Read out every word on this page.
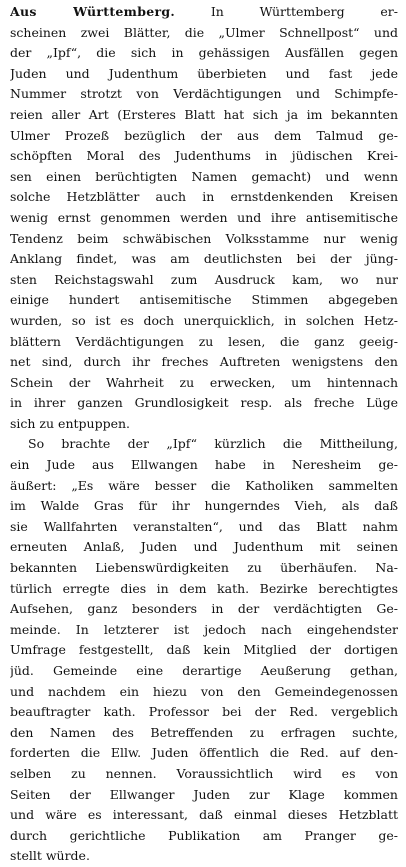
Aus Württemberg. In Württemberg er-
scheinen zwei Blätter, die „Ulmer Schnellpost“ und
der „Ipf“, die sich in gehässigen Ausfällen gegen
Juden und Judenthum überbieten und fast jede
Nummer strotzt von Verdächtigungen und Schimpfe-
reien aller Art (Ersteres Blatt hat sich ja im bekannten
Ulmer Prozeß bezüglich der aus dem Talmud ge-
schöpften Moral des Judenthums in jüdischen Krei-
sen einen berüchtigten Namen gemacht) und wenn
solche Hetzblätter auch in ernstdenkenden Kreisen
wenig ernst genommen werden und ihre antisemitische
Tendenz beim schwäbischen Volksstamme nur wenig
Anklang findet, was am deutlichsten bei der jüng-
sten Reichstagswahl zum Ausdruck kam, wo nur
einige hundert antisemitische Stimmen abgegeben
wurden, so ist es doch unerquicklich, in solchen Hetz-
blättern Verdächtigungen zu lesen, die ganz geeig-
net sind, durch ihr freches Auftreten wenigstens den
Schein der Wahrheit zu erwecken, um hintennach
in ihrer ganzen Grundlosigkeit resp. als freche Lüge
sich zu entpuppen.
So brachte der „Ipf“ kürzlich die Mittheilung,
ein Jude aus Ellwangen habe in Neresheim ge-
äußert: „Es wäre besser die Katholiken sammelten
im Walde Gras für ihr hungerndes Vieh, als daß
sie Wallfahrten veranstalten“, und das Blatt nahm
erneuten Anlaß, Juden und Judenthum mit seinen
bekannten Liebenswürdigkeiten zu überhäufen. Na-
türlich erregte dies in dem kath. Bezirke berechtigtes
Aufsehen, ganz besonders in der verdächtigten Ge-
meinde. In letzterer ist jedoch nach eingehendster
Umfrage festgestellt, daß kein Mitglied der dortigen
jüd. Gemeinde eine derartige Aeußerung gethan,
und nachdem ein hiezu von den Gemeindegenossen
beauftragter kath. Professor bei der Red. vergeblich
den Namen des Betreffenden zu erfragen suchte,
forderten die Ellw. Juden öffentlich die Red. auf den-
selben zu nennen. Voraussichtlich wird es von
Seiten der Ellwanger Juden zur Klage kommen
und wäre es interessant, daß einmal dieses Hetzblatt
durch gerichtliche Publikation am Pranger ge-
stellt würde.
